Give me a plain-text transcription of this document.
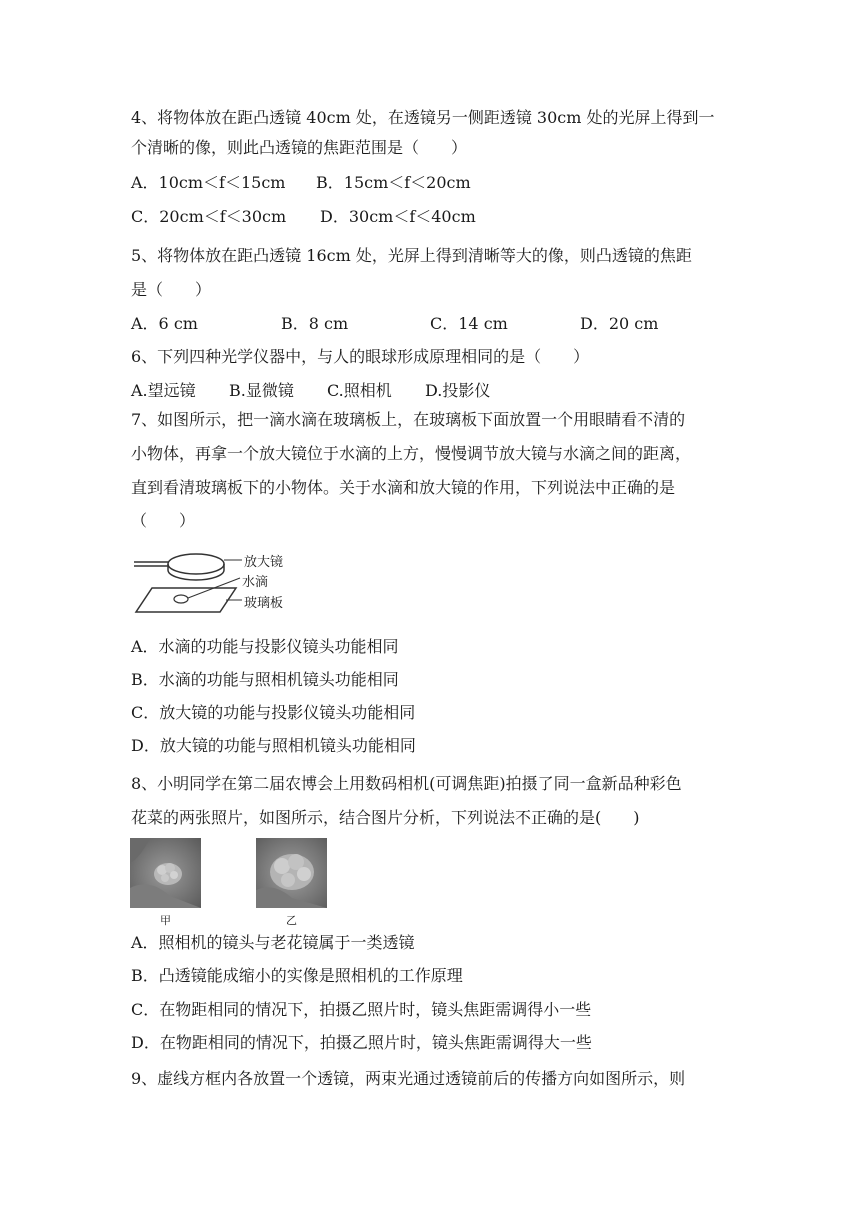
4、将物体放在距凸透镜 40cm 处，在透镜另一侧距透镜 30cm 处的光屏上得到一
个清晰的像，则此凸透镜的焦距范围是（　　）
A．10cm＜f＜15cm B．15cm＜f＜20cm
C．20cm＜f＜30cm D．30cm＜f＜40cm
5、将物体放在距凸透镜 16cm 处，光屏上得到清晰等大的像，则凸透镜的焦距
是（　　）
A．6 cm	B．8 cm	C．14 cm	D．20 cm
6、下列四种光学仪器中，与人的眼球形成原理相同的是（　　）
A.望远镜 B.显微镜 C.照相机 D.投影仪
7、如图所示，把一滴水滴在玻璃板上，在玻璃板下面放置一个用眼睛看不清的
小物体，再拿一个放大镜位于水滴的上方，慢慢调节放大镜与水滴之间的距离，
直到看清玻璃板下的小物体。关于水滴和放大镜的作用，下列说法中正确的是
（　　）
放大镜
水滴
玻璃板
A．水滴的功能与投影仪镜头功能相同
B．水滴的功能与照相机镜头功能相同
C．放大镜的功能与投影仪镜头功能相同
D．放大镜的功能与照相机镜头功能相同
8、小明同学在第二届农博会上用数码相机(可调焦距)拍摄了同一盒新品种彩色
花菜的两张照片，如图所示，结合图片分析，下列说法不正确的是(　　)
甲	乙
A．照相机的镜头与老花镜属于一类透镜
B．凸透镜能成缩小的实像是照相机的工作原理
C．在物距相同的情况下，拍摄乙照片时，镜头焦距需调得小一些
D．在物距相同的情况下，拍摄乙照片时，镜头焦距需调得大一些
9、虚线方框内各放置一个透镜，两束光通过透镜前后的传播方向如图所示，则
